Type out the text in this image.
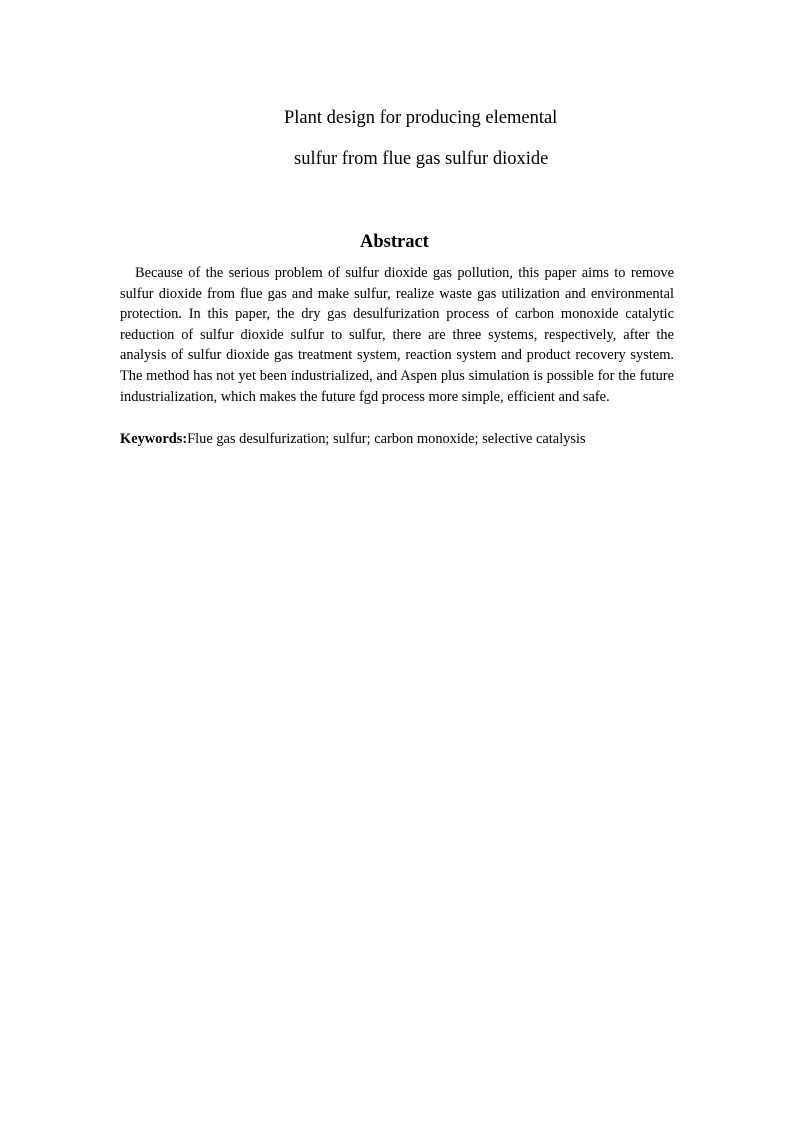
Plant design for producing elemental
sulfur from flue gas sulfur dioxide
Abstract

Because of the serious problem of sulfur dioxide gas pollution, this paper aims to remove sulfur dioxide from flue gas and make sulfur, realize waste gas utilization and environmental protection. In this paper, the dry gas desulfurization process of carbon monoxide catalytic reduction of sulfur dioxide sulfur to sulfur, there are three systems, respectively, after the analysis of sulfur dioxide gas treatment system, reaction system and product recovery system. The method has not yet been industrialized, and Aspen plus simulation is possible for the future industrialization, which makes the future fgd process more simple, efficient and safe.

Keywords:Flue gas desulfurization; sulfur; carbon monoxide; selective catalysis
